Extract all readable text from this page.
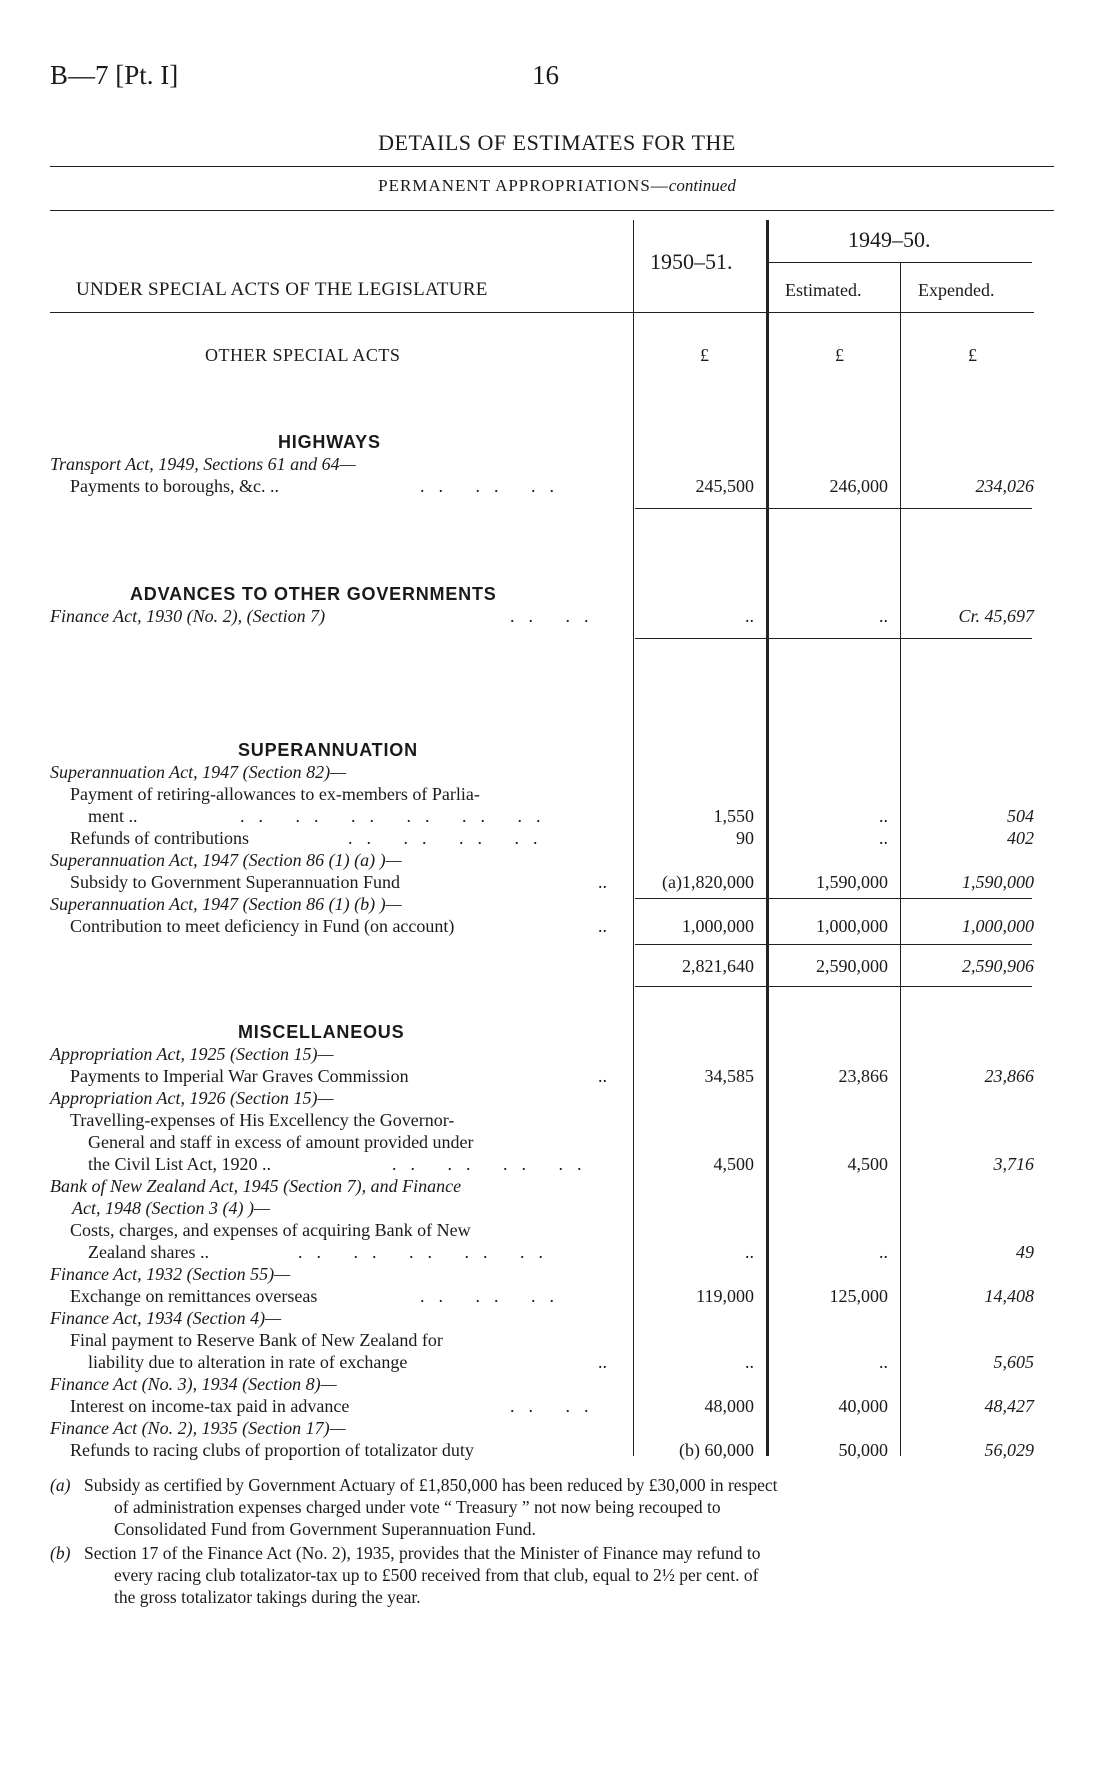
B—7 [Pt. I]	16
DETAILS OF ESTIMATES FOR THE
PERMANENT APPROPRIATIONS—continued
UNDER SPECIAL ACTS OF THE LEGISLATURE
1950–51.
1949–50.
Estimated.	Expended.
OTHER SPECIAL ACTS	£	£	£
HIGHWAYS
Transport Act, 1949, Sections 61 and 64—
Payments to boroughs, &c. ..	.. .. ..	245,500	246,000	234,026
ADVANCES TO OTHER GOVERNMENTS
Finance Act, 1930 (No. 2), (Section 7)	.. ..	..	..	Cr. 45,697
SUPERANNUATION
Superannuation Act, 1947 (Section 82)—
Payment of retiring-allowances to ex-members of Parlia-
ment ..	.. .. .. .. .. ..	1,550	..	504
Refunds of contributions	.. .. .. ..	90	..	402
Superannuation Act, 1947 (Section 86 (1) (a) )—
Subsidy to Government Superannuation Fund	..	(a)1,820,000	1,590,000	1,590,000
Superannuation Act, 1947 (Section 86 (1) (b) )—
Contribution to meet deficiency in Fund (on account)	..	1,000,000	1,000,000	1,000,000
2,821,640	2,590,000	2,590,906
MISCELLANEOUS
Appropriation Act, 1925 (Section 15)—
Payments to Imperial War Graves Commission	..	34,585	23,866	23,866
Appropriation Act, 1926 (Section 15)—
Travelling-expenses of His Excellency the Governor-
General and staff in excess of amount provided under
the Civil List Act, 1920 ..	.. .. .. ..	4,500	4,500	3,716
Bank of New Zealand Act, 1945 (Section 7), and Finance
Act, 1948 (Section 3 (4) )—
Costs, charges, and expenses of acquiring Bank of New
Zealand shares ..	.. .. .. .. ..	..	..	49
Finance Act, 1932 (Section 55)—
Exchange on remittances overseas	.. .. ..	119,000	125,000	14,408
Finance Act, 1934 (Section 4)—
Final payment to Reserve Bank of New Zealand for
liability due to alteration in rate of exchange	..	..	..	5,605
Finance Act (No. 3), 1934 (Section 8)—
Interest on income-tax paid in advance	.. ..	48,000	40,000	48,427
Finance Act (No. 2), 1935 (Section 17)—
Refunds to racing clubs of proportion of totalizator duty	(b) 60,000	50,000	56,029
(a) Subsidy as certified by Government Actuary of £1,850,000 has been reduced by £30,000 in respect
of administration expenses charged under vote “ Treasury ” not now being recouped to
Consolidated Fund from Government Superannuation Fund.
(b) Section 17 of the Finance Act (No. 2), 1935, provides that the Minister of Finance may refund to
every racing club totalizator-tax up to £500 received from that club, equal to 2½ per cent. of
the gross totalizator takings during the year.
